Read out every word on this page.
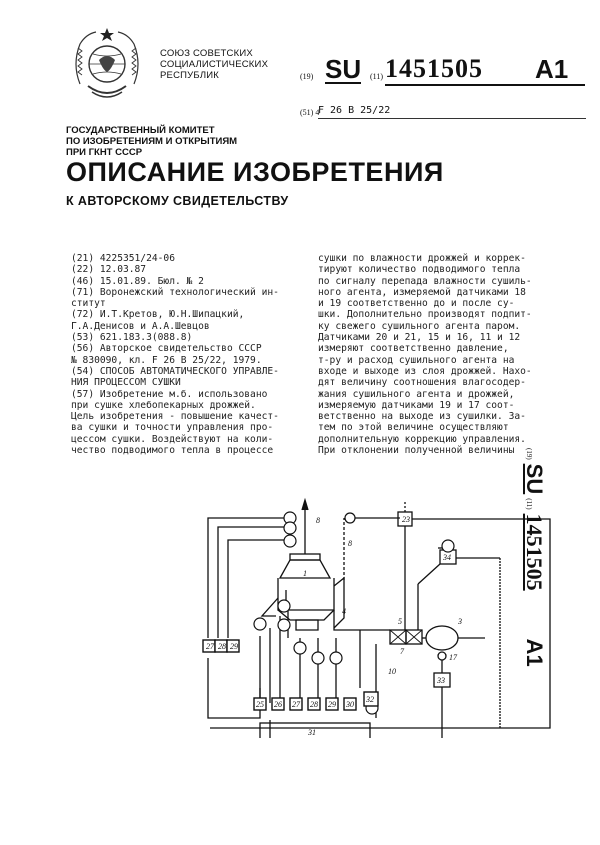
СОЮЗ СОВЕТСКИХ
СОЦИАЛИСТИЧЕСКИХ
РЕСПУБЛИК	(19) SU (11) 1451505 A1
(51) 4
F 26 B 25/22
ГОСУДАРСТВЕННЫЙ КОМИТЕТ
ПО ИЗОБРЕТЕНИЯМ И ОТКРЫТИЯМ
ПРИ ГКНТ СССР
ОПИСАНИЕ ИЗОБРЕТЕНИЯ
К АВТОРСКОМУ СВИДЕТЕЛЬСТВУ
(21) 4225351/24-06
(22) 12.03.87
(46) 15.01.89. Бюл. № 2
(71) Воронежский технологический ин-
ститут
(72) И.Т.Кретов, Ю.Н.Шипацкий,
Г.А.Денисов и А.А.Шевцов
(53) 621.183.3(088.8)
(56) Авторское свидетельство СССР
№ 830090, кл. F 26 В 25/22, 1979.
(54) СПОСОБ АВТОМАТИЧЕСКОГО УПРАВЛЕ-
НИЯ ПРОЦЕССОМ СУШКИ
(57) Изобретение м.б. использовано
при сушке хлебопекарных дрожжей.
Цель изобретения - повышение качест-
ва сушки и точности управления про-
цессом сушки. Воздействуют на коли-
чество подводимого тепла в процессе
сушки по влажности дрожжей и коррек-
тируют количество подводимого тепла
по сигналу перепада влажности сушиль-
ного агента, измеряемой датчиками 18
и 19 соответственно до и после су-
шки. Дополнительно производят подпит-
ку свежего сушильного агента паром.
Датчиками 20 и 21, 15 и 16, 11 и 12
измеряют соответственно давление,
т-ру и расход сушильного агента на
входе и выходе из слоя дрожжей. Нахо-
дят величину соотношения влагосодер-
жания сушильного агента и дрожжей,
измеряемую датчиками 19 и 17 соот-
ветственно на выходе из сушилки. За-
тем по этой величине осуществляют
дополнительную коррекцию управления.
При отклонении полученной величины	(19) SU (11) 1451505  A1
8
8
1
23
34
4
5	3
7
10
33
17
31
27 28 29
25 26 27 28 29 30
32
